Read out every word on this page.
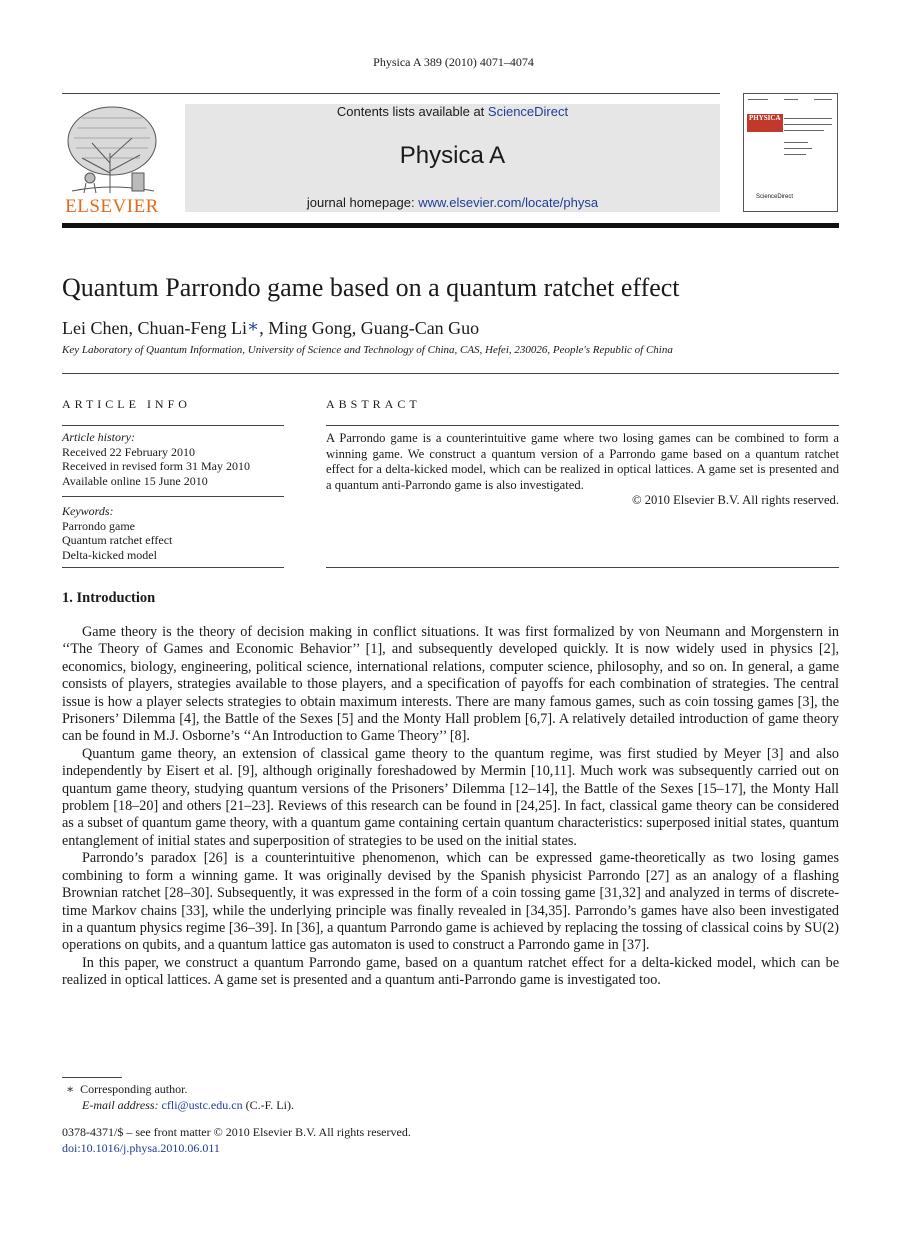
Physica A 389 (2010) 4071–4074
ELSEVIER
Contents lists available at ScienceDirect
Physica A
journal homepage: www.elsevier.com/locate/physa
PHYSICA
ScienceDirect
Quantum Parrondo game based on a quantum ratchet effect
Lei Chen, Chuan-Feng Li∗, Ming Gong, Guang-Can Guo
Key Laboratory of Quantum Information, University of Science and Technology of China, CAS, Hefei, 230026, People's Republic of China
ARTICLE INFO
Article history:
Received 22 February 2010
Received in revised form 31 May 2010
Available online 15 June 2010
Keywords:
Parrondo game
Quantum ratchet effect
Delta-kicked model
ABSTRACT
A Parrondo game is a counterintuitive game where two losing games can be combined to form a winning game. We construct a quantum version of a Parrondo game based on a quantum ratchet effect for a delta-kicked model, which can be realized in optical lattices. A game set is presented and a quantum anti-Parrondo game is also investigated.
© 2010 Elsevier B.V. All rights reserved.
1. Introduction

Game theory is the theory of decision making in conflict situations. It was first formalized by von Neumann and Morgenstern in ‘‘The Theory of Games and Economic Behavior’’ [1], and subsequently developed quickly. It is now widely used in physics [2], economics, biology, engineering, political science, international relations, computer science, philosophy, and so on. In general, a game consists of players, strategies available to those players, and a specification of payoffs for each combination of strategies. The central issue is how a player selects strategies to obtain maximum interests. There are many famous games, such as coin tossing games [3], the Prisoners’ Dilemma [4], the Battle of the Sexes [5] and the Monty Hall problem [6,7]. A relatively detailed introduction of game theory can be found in M.J. Osborne’s ‘‘An Introduction to Game Theory’’ [8].

Quantum game theory, an extension of classical game theory to the quantum regime, was first studied by Meyer [3] and also independently by Eisert et al. [9], although originally foreshadowed by Mermin [10,11]. Much work was subsequently carried out on quantum game theory, studying quantum versions of the Prisoners’ Dilemma [12–14], the Battle of the Sexes [15–17], the Monty Hall problem [18–20] and others [21–23]. Reviews of this research can be found in [24,25]. In fact, classical game theory can be considered as a subset of quantum game theory, with a quantum game containing certain quantum characteristics: superposed initial states, quantum entanglement of initial states and superposition of strategies to be used on the initial states.

Parrondo’s paradox [26] is a counterintuitive phenomenon, which can be expressed game-theoretically as two losing games combining to form a winning game. It was originally devised by the Spanish physicist Parrondo [27] as an analogy of a flashing Brownian ratchet [28–30]. Subsequently, it was expressed in the form of a coin tossing game [31,32] and analyzed in terms of discrete-time Markov chains [33], while the underlying principle was finally revealed in [34,35]. Parrondo’s games have also been investigated in a quantum physics regime [36–39]. In [36], a quantum Parrondo game is achieved by replacing the tossing of classical coins by SU(2) operations on qubits, and a quantum lattice gas automaton is used to construct a Parrondo game in [37].

In this paper, we construct a quantum Parrondo game, based on a quantum ratchet effect for a delta-kicked model, which can be realized in optical lattices. A game set is presented and a quantum anti-Parrondo game is investigated too.

∗ Corresponding author.
E-mail address: cfli@ustc.edu.cn (C.-F. Li).
0378-4371/$ – see front matter © 2010 Elsevier B.V. All rights reserved.
doi:10.1016/j.physa.2010.06.011
